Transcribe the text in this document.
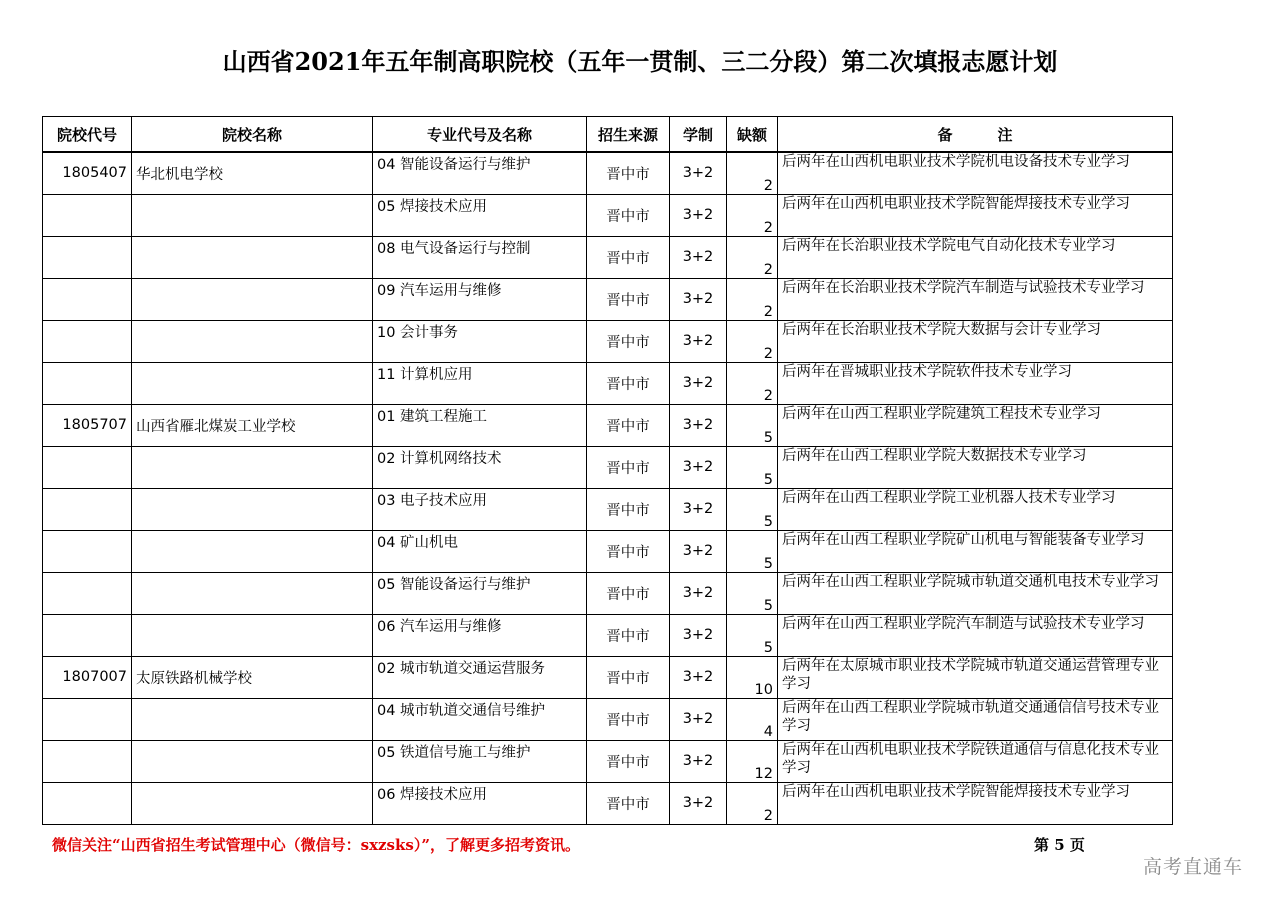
山西省2021年五年制高职院校（五年一贯制、三二分段）第二次填报志愿计划
院校代号	院校名称	专业代号及名称	招生来源	学制	缺额	备　　　注
1805407	华北机电学校	04 智能设备运行与维护	晋中市	3+2	2	后两年在山西机电职业技术学院机电设备技术专业学习
		05 焊接技术应用	晋中市	3+2	2	后两年在山西机电职业技术学院智能焊接技术专业学习
		08 电气设备运行与控制	晋中市	3+2	2	后两年在长治职业技术学院电气自动化技术专业学习
		09 汽车运用与维修	晋中市	3+2	2	后两年在长治职业技术学院汽车制造与试验技术专业学习
		10 会计事务	晋中市	3+2	2	后两年在长治职业技术学院大数据与会计专业学习
		11 计算机应用	晋中市	3+2	2	后两年在晋城职业技术学院软件技术专业学习
1805707	山西省雁北煤炭工业学校	01 建筑工程施工	晋中市	3+2	5	后两年在山西工程职业学院建筑工程技术专业学习
		02 计算机网络技术	晋中市	3+2	5	后两年在山西工程职业学院大数据技术专业学习
		03 电子技术应用	晋中市	3+2	5	后两年在山西工程职业学院工业机器人技术专业学习
		04 矿山机电	晋中市	3+2	5	后两年在山西工程职业学院矿山机电与智能装备专业学习
		05 智能设备运行与维护	晋中市	3+2	5	后两年在山西工程职业学院城市轨道交通机电技术专业学习
		06 汽车运用与维修	晋中市	3+2	5	后两年在山西工程职业学院汽车制造与试验技术专业学习
1807007	太原铁路机械学校	02 城市轨道交通运营服务	晋中市	3+2	10	后两年在太原城市职业技术学院城市轨道交通运营管理专业学习
		04 城市轨道交通信号维护	晋中市	3+2	4	后两年在山西工程职业学院城市轨道交通通信信号技术专业学习
		05 铁道信号施工与维护	晋中市	3+2	12	后两年在山西机电职业技术学院铁道通信与信息化技术专业学习
		06 焊接技术应用	晋中市	3+2	2	后两年在山西机电职业技术学院智能焊接技术专业学习
微信关注“山西省招生考试管理中心（微信号：sxzsks）”，了解更多招考资讯。	第 5 页
高考直通车
